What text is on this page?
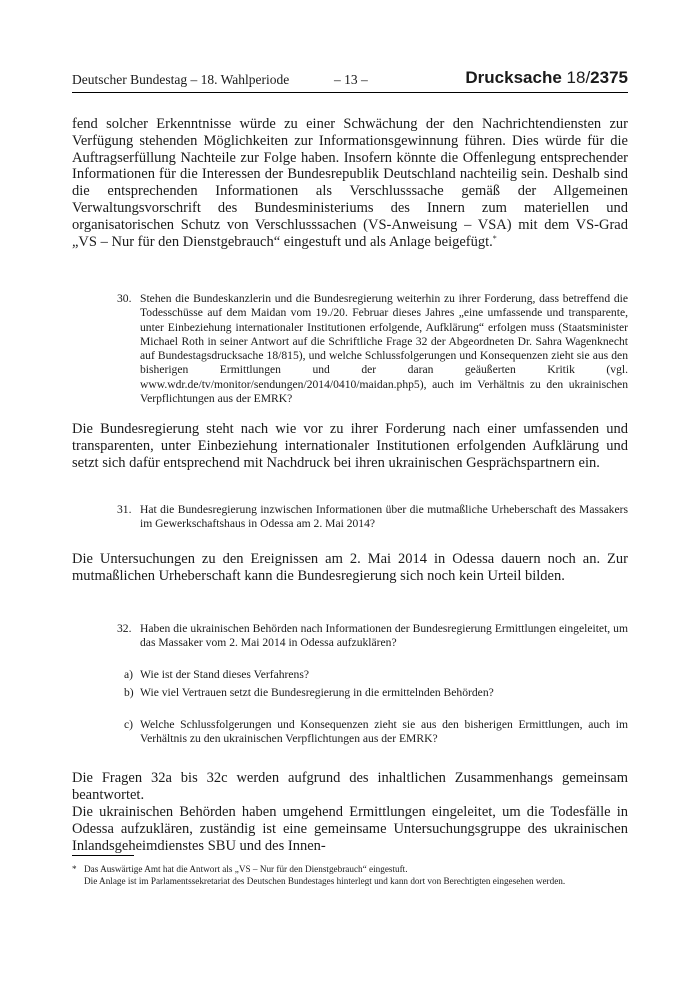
Deutscher Bundestag – 18. Wahlperiode	– 13 –	Drucksache 18/2375
fend solcher Erkenntnisse würde zu einer Schwächung der den Nachrichtendiensten zur Verfügung stehenden Möglichkeiten zur Informationsgewinnung führen. Dies würde für die Auftragserfüllung Nachteile zur Folge haben. Insofern könnte die Offenlegung entsprechender Informationen für die Interessen der Bundesrepublik Deutschland nachteilig sein. Deshalb sind die entsprechenden Informationen als Verschlusssache gemäß der Allgemeinen Verwaltungsvorschrift des Bundesministeriums des Innern zum materiellen und organisatorischen Schutz von Verschlusssachen (VS-Anweisung – VSA) mit dem VS-Grad „VS – Nur für den Dienstgebrauch“ eingestuft und als Anlage beigefügt.*
30. Stehen die Bundeskanzlerin und die Bundesregierung weiterhin zu ihrer Forderung, dass betreffend die Todesschüsse auf dem Maidan vom 19./20. Februar dieses Jahres „eine umfassende und transparente, unter Einbeziehung internationaler Institutionen erfolgende, Aufklärung“ erfolgen muss (Staatsminister Michael Roth in seiner Antwort auf die Schriftliche Frage 32 der Abgeordneten Dr. Sahra Wagenknecht auf Bundestagsdrucksache 18/815), und welche Schlussfolgerungen und Konsequenzen zieht sie aus den bisherigen Ermittlungen und der daran geäußerten Kritik (vgl. www.wdr.de/tv/monitor/sendungen/2014/0410/maidan.php5), auch im Verhältnis zu den ukrainischen Verpflichtungen aus der EMRK?
Die Bundesregierung steht nach wie vor zu ihrer Forderung nach einer umfassenden und transparenten, unter Einbeziehung internationaler Institutionen erfolgenden Aufklärung und setzt sich dafür entsprechend mit Nachdruck bei ihren ukrainischen Gesprächspartnern ein.
31. Hat die Bundesregierung inzwischen Informationen über die mutmaßliche Urheberschaft des Massakers im Gewerkschaftshaus in Odessa am 2. Mai 2014?
Die Untersuchungen zu den Ereignissen am 2. Mai 2014 in Odessa dauern noch an. Zur mutmaßlichen Urheberschaft kann die Bundesregierung sich noch kein Urteil bilden.
32. Haben die ukrainischen Behörden nach Informationen der Bundesregierung Ermittlungen eingeleitet, um das Massaker vom 2. Mai 2014 in Odessa aufzuklären?
a) Wie ist der Stand dieses Verfahrens?
b) Wie viel Vertrauen setzt die Bundesregierung in die ermittelnden Behörden?
c) Welche Schlussfolgerungen und Konsequenzen zieht sie aus den bisherigen Ermittlungen, auch im Verhältnis zu den ukrainischen Verpflichtungen aus der EMRK?
Die Fragen 32a bis 32c werden aufgrund des inhaltlichen Zusammenhangs gemeinsam beantwortet.
Die ukrainischen Behörden haben umgehend Ermittlungen eingeleitet, um die Todesfälle in Odessa aufzuklären, zuständig ist eine gemeinsame Untersuchungsgruppe des ukrainischen Inlandsgeheimdienstes SBU und des Innen-
* Das Auswärtige Amt hat die Antwort als „VS – Nur für den Dienstgebrauch“ eingestuft.
Die Anlage ist im Parlamentssekretariat des Deutschen Bundestages hinterlegt und kann dort von Berechtigten eingesehen werden.
